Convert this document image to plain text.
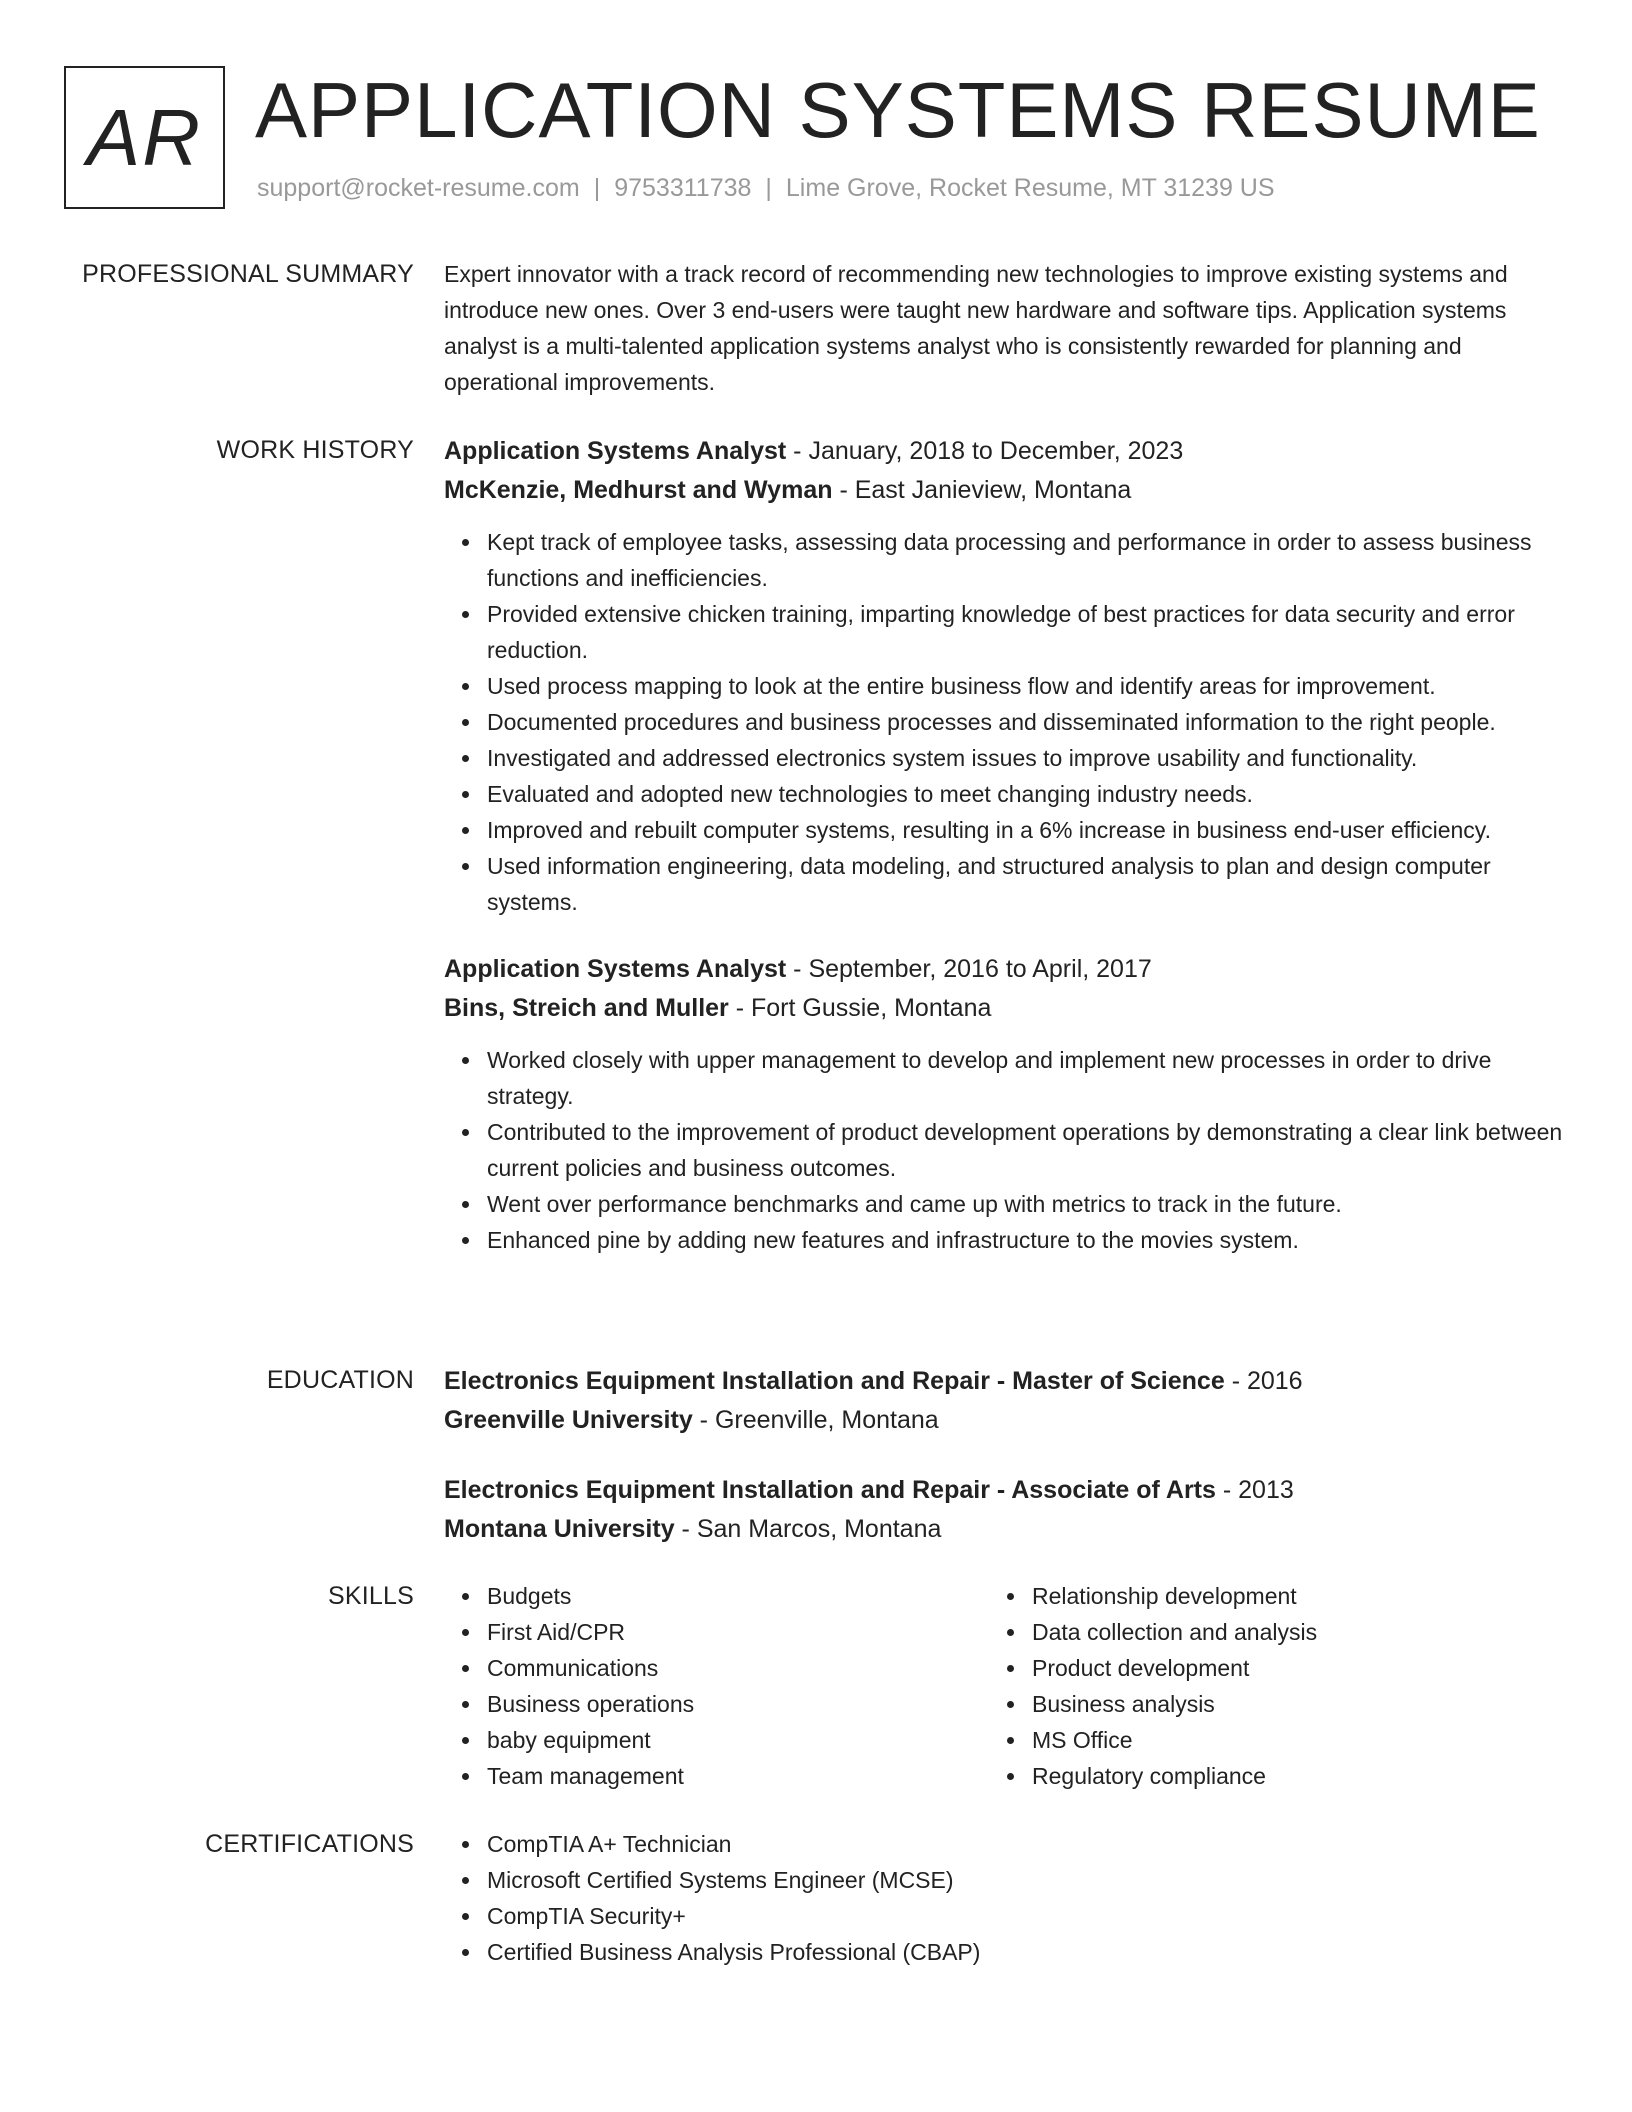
AR APPLICATION SYSTEMS RESUME
support@rocket-resume.com | 9753311738 | Lime Grove, Rocket Resume, MT 31239 US
PROFESSIONAL SUMMARY Expert innovator with a track record of recommending new technologies to improve existing systems and introduce new ones. Over 3 end-users were taught new hardware and software tips. Application systems analyst is a multi-talented application systems analyst who is consistently rewarded for planning and operational improvements.
WORK HISTORY Application Systems Analyst - January, 2018 to December, 2023
McKenzie, Medhurst and Wyman - East Janieview, Montana
Kept track of employee tasks, assessing data processing and performance in order to assess business functions and inefficiencies.
Provided extensive chicken training, imparting knowledge of best practices for data security and error reduction.
Used process mapping to look at the entire business flow and identify areas for improvement.
Documented procedures and business processes and disseminated information to the right people.
Investigated and addressed electronics system issues to improve usability and functionality.
Evaluated and adopted new technologies to meet changing industry needs.
Improved and rebuilt computer systems, resulting in a 6% increase in business end-user efficiency.
Used information engineering, data modeling, and structured analysis to plan and design computer systems.
Application Systems Analyst - September, 2016 to April, 2017
Bins, Streich and Muller - Fort Gussie, Montana
Worked closely with upper management to develop and implement new processes in order to drive strategy.
Contributed to the improvement of product development operations by demonstrating a clear link between current policies and business outcomes.
Went over performance benchmarks and came up with metrics to track in the future.
Enhanced pine by adding new features and infrastructure to the movies system.
EDUCATION Electronics Equipment Installation and Repair - Master of Science - 2016
Greenville University - Greenville, Montana
Electronics Equipment Installation and Repair - Associate of Arts - 2013
Montana University - San Marcos, Montana
SKILLS	Budgets
First Aid/CPR
Communications
Business operations
baby equipment
Team management
Relationship development
Data collection and analysis
Product development
Business analysis
MS Office
Regulatory compliance
CERTIFICATIONS	CompTIA A+ Technician
Microsoft Certified Systems Engineer (MCSE)
CompTIA Security+
Certified Business Analysis Professional (CBAP)
